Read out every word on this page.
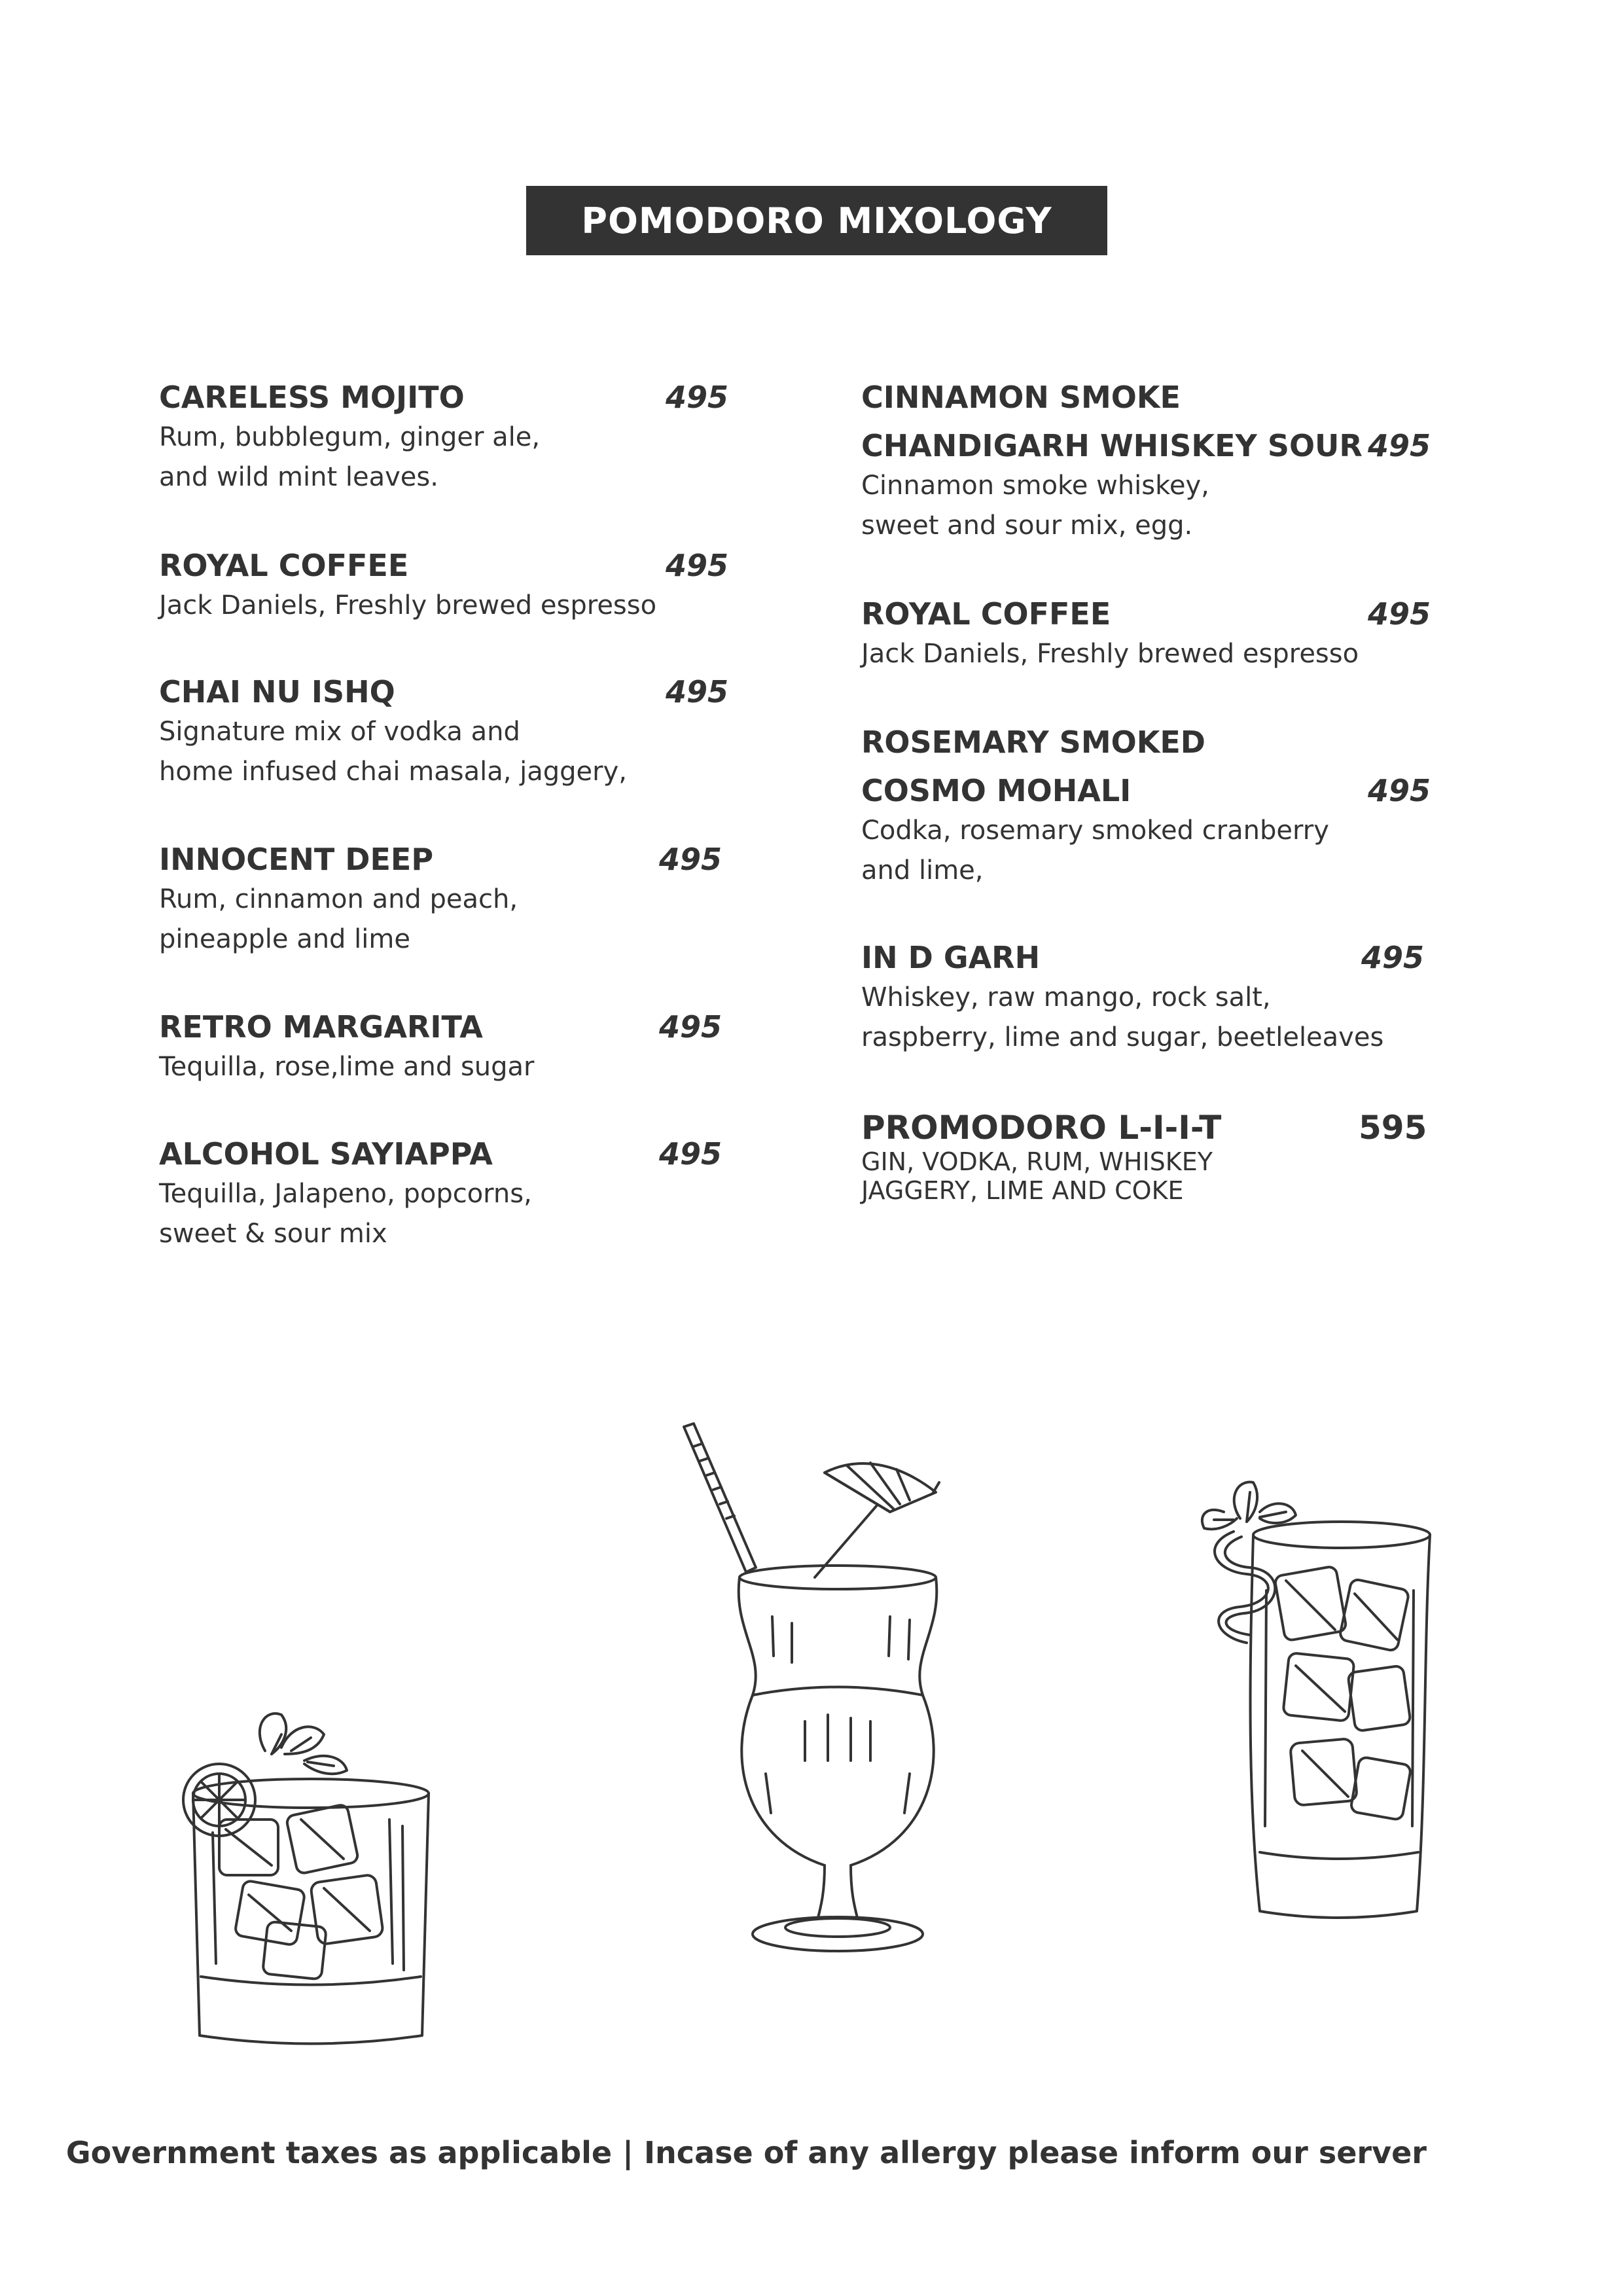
POMODORO MIXOLOGY
CARELESS MOJITO	495
Rum, bubblegum, ginger ale,
and wild mint leaves.
ROYAL COFFEE	495
Jack Daniels, Freshly brewed espresso
CHAI NU ISHQ	495
Signature mix of vodka and
home infused chai masala, jaggery,
INNOCENT DEEP	495
Rum, cinnamon and peach,
pineapple and lime
RETRO MARGARITA	495
Tequilla, rose,lime and sugar
ALCOHOL SAYIAPPA	495
Tequilla, Jalapeno, popcorns,
sweet & sour mix
CINNAMON SMOKE
CHANDIGARH WHISKEY SOUR 495
Cinnamon smoke whiskey,
sweet and sour mix, egg.
ROYAL COFFEE	495
Jack Daniels, Freshly brewed espresso
ROSEMARY SMOKED
COSMO MOHALI	495
Codka, rosemary smoked cranberry
and lime,
IN D GARH	495
Whiskey, raw mango, rock salt,
raspberry, lime and sugar, beetleleaves
PROMODORO L-I-I-T	595
GIN, VODKA, RUM, WHISKEY
JAGGERY, LIME AND COKE
Government taxes as applicable | Incase of any allergy please inform our server
